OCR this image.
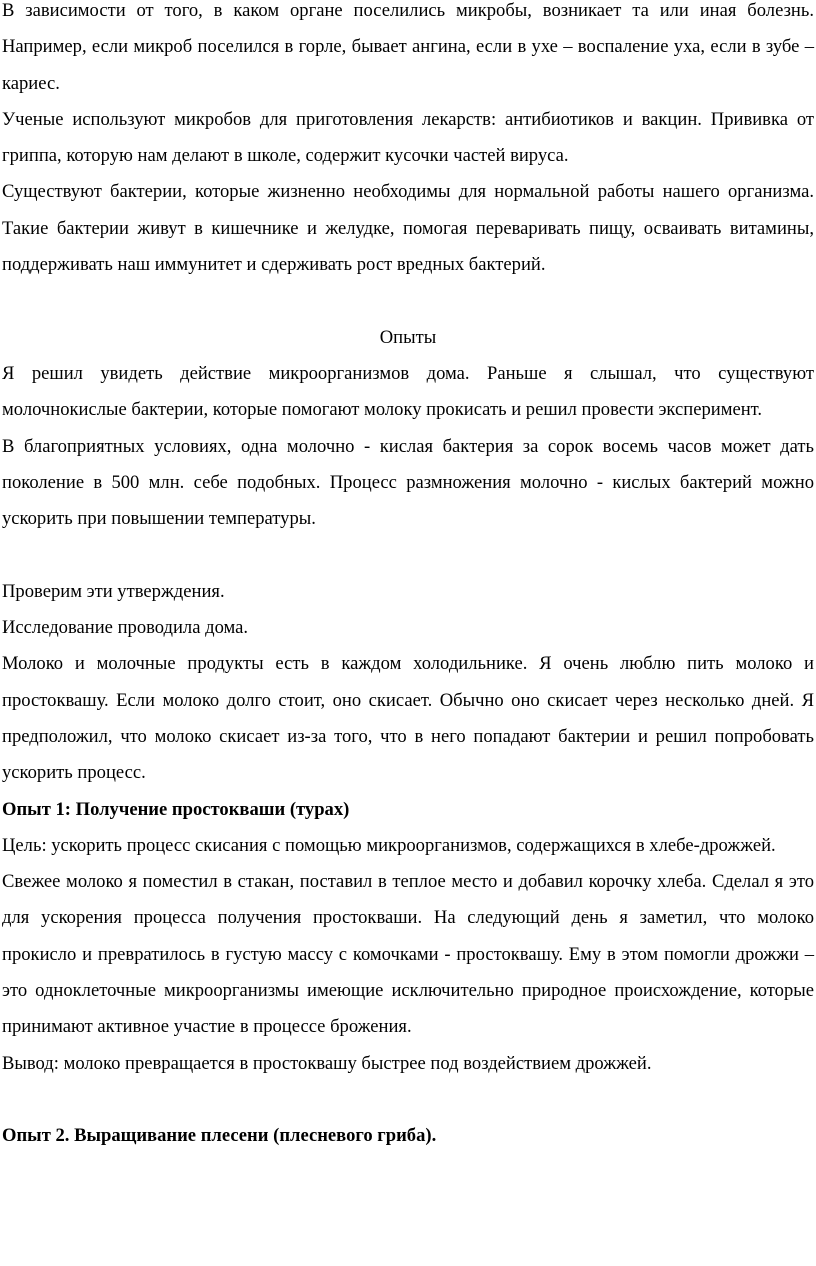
В зависимости от того, в каком органе поселились микробы, возникает та или иная болезнь. Например, если микроб поселился в горле, бывает ангина, если в ухе – воспаление уха, если в зубе – кариес.

Ученые используют микробов для приготовления лекарств: антибиотиков и вакцин. Прививка от гриппа, которую нам делают в школе, содержит кусочки частей вируса.

Существуют бактерии, которые жизненно необходимы для нормальной работы нашего организма. Такие бактерии живут в кишечнике и желудке, помогая переваривать пищу, осваивать витамины, поддерживать наш иммунитет и сдерживать рост вредных бактерий.

Опыты

Я решил увидеть действие микроорганизмов дома. Раньше я слышал, что существуют молочнокислые бактерии, которые помогают молоку прокисать и решил провести эксперимент.

В благоприятных условиях, одна молочно - кислая бактерия за сорок восемь часов может дать поколение в 500 млн. себе подобных. Процесс размножения молочно - кислых бактерий можно ускорить при повышении температуры.

Проверим эти утверждения.

Исследование проводила дома.

Молоко и молочные продукты есть в каждом холодильнике. Я очень люблю пить молоко и простоквашу. Если молоко долго стоит, оно скисает. Обычно оно скисает через несколько дней. Я предположил, что молоко скисает из-за того, что в него попадают бактерии и решил попробовать ускорить процесс.

Опыт 1: Получение простокваши (турах)

Цель: ускорить процесс скисания с помощью микроорганизмов, содержащихся в хлебе-дрожжей.

Свежее молоко я поместил в стакан, поставил в теплое место и добавил корочку хлеба. Сделал я это для ускорения процесса получения простокваши. На следующий день я заметил, что молоко прокисло и превратилось в густую массу с комочками - простоквашу. Ему в этом помогли дрожжи – это одноклеточные микроорганизмы имеющие исключительно природное происхождение, которые принимают активное участие в процессе брожения.

Вывод: молоко превращается в простоквашу быстрее под воздействием дрожжей.

Опыт 2. Выращивание плесени (плесневого гриба).
